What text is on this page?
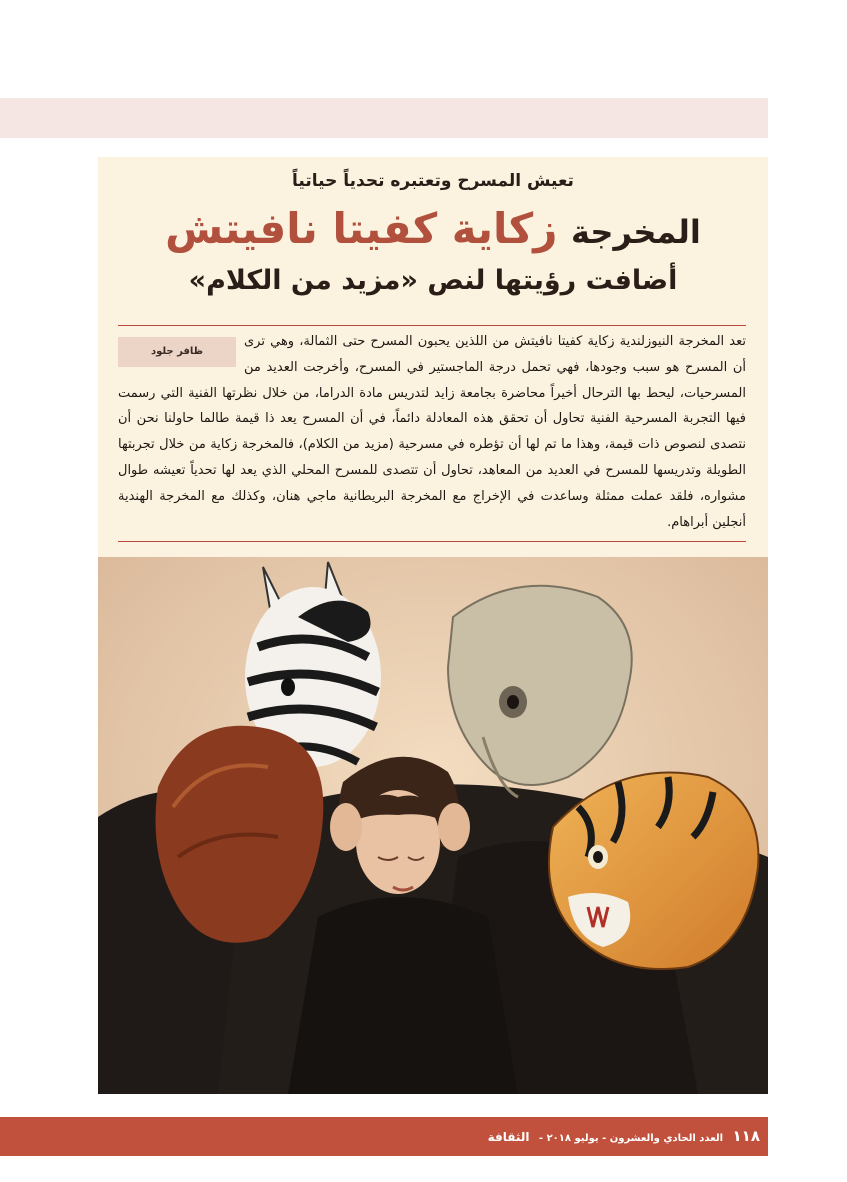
تعيش المسرح وتعتبره تحدياً حياتياً
المخرجة زكاية كفيتا نافيتش
أضافت رؤيتها لنص «مزيد من الكلام»
ظافر جلود
تعد المخرجة النيوزلندية زكاية كفيتا نافيتش من اللذين يحبون المسرح حتى الثمالة، وهي ترى أن المسرح هو سبب وجودها، فهي تحمل درجة الماجستير في المسرح، وأخرجت العديد من المسرحيات، ليحط بها الترحال أخيراً محاضرة بجامعة زايد لتدريس مادة الدراما، من خلال نظرتها الفنية التي رسمت فيها التجربة المسرحية الفنية تحاول أن تحقق هذه المعادلة دائماً، في أن المسرح يعد ذا قيمة طالما حاولنا نحن أن نتصدى لنصوص ذات قيمة، وهذا ما تم لها أن تؤطره في مسرحية (مزيد من الكلام)، فالمخرجة زكاية من خلال تجربتها الطويلة وتدريسها للمسرح في العديد من المعاهد، تحاول أن تتصدى للمسرح المحلي الذي يعد لها تحدياً تعيشه طوال مشواره، فلقد عملت ممثلة وساعدت في الإخراج مع المخرجة البريطانية ماجي هنان، وكذلك مع المخرجة الهندية أنجلين أبراهام.
١١٨ العدد الحادي والعشرون - يوليو ٢٠١٨ - الثقافة
